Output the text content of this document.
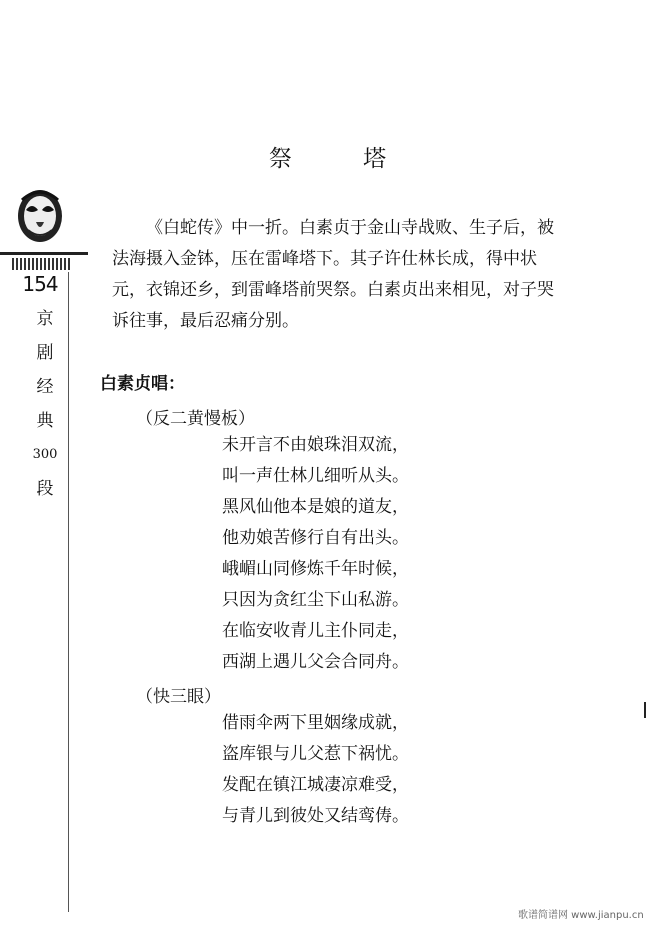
154
京
剧
经
典
300
段
祭 塔

《白蛇传》中一折。白素贞于金山寺战败、生子后，被法海摄入金钵，压在雷峰塔下。其子许仕林长成，得中状元，衣锦还乡，到雷峰塔前哭祭。白素贞出来相见，对子哭诉往事，最后忍痛分别。

白素贞唱：
（反二黄慢板）
未开言不由娘珠泪双流，
叫一声仕林儿细听从头。
黑风仙他本是娘的道友，
他劝娘苦修行自有出头。
峨嵋山同修炼千年时候，
只因为贪红尘下山私游。
在临安收青儿主仆同走，
西湖上遇儿父会合同舟。
（快三眼）
借雨伞两下里姻缘成就，
盗库银与儿父惹下祸忧。
发配在镇江城凄凉难受，
与青儿到彼处又结鸾俦。
歌谱简谱网 www.jianpu.cn
